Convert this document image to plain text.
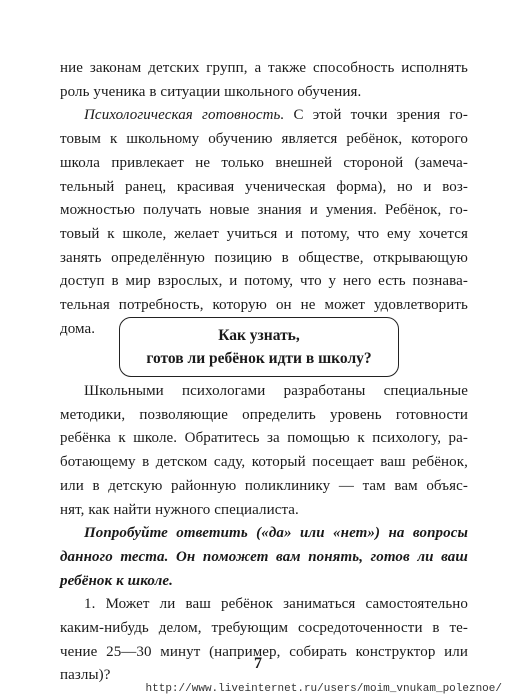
ние законам детских групп, а также способность исполнять
роль ученика в ситуации школьного обучения.
Психологическая готовность. С этой точки зрения го-
товым к школьному обучению является ребёнок, которого
школа привлекает не только внешней стороной (замеча-
тельный ранец, красивая ученическая форма), но и воз-
можностью получать новые знания и умения. Ребёнок, го-
товый к школе, желает учиться и потому, что ему хочется
занять определённую позицию в обществе, открывающую
доступ в мир взрослых, и потому, что у него есть познава-
тельная потребность, которую он не может удовлетворить
дома.	Как узнать,
готов ли ребёнок идти в школу?
Школьными психологами разработаны специальные
методики, позволяющие определить уровень готовности
ребёнка к школе. Обратитесь за помощью к психологу, ра-
ботающему в детском саду, который посещает ваш ребёнок,
или в детскую районную поликлинику — там вам объяс-
нят, как найти нужного специалиста.
Попробуйте ответить («да» или «нет») на вопросы
данного теста. Он поможет вам понять, готов ли ваш
ребёнок к школе.
1. Может ли ваш ребёнок заниматься самостоятельно
каким-нибудь делом, требующим сосредоточенности в те-
чение 25—30 минут (например, собирать конструктор или
пазлы)?
7
http://www.liveinternet.ru/users/moim_vnukam_poleznoe/
